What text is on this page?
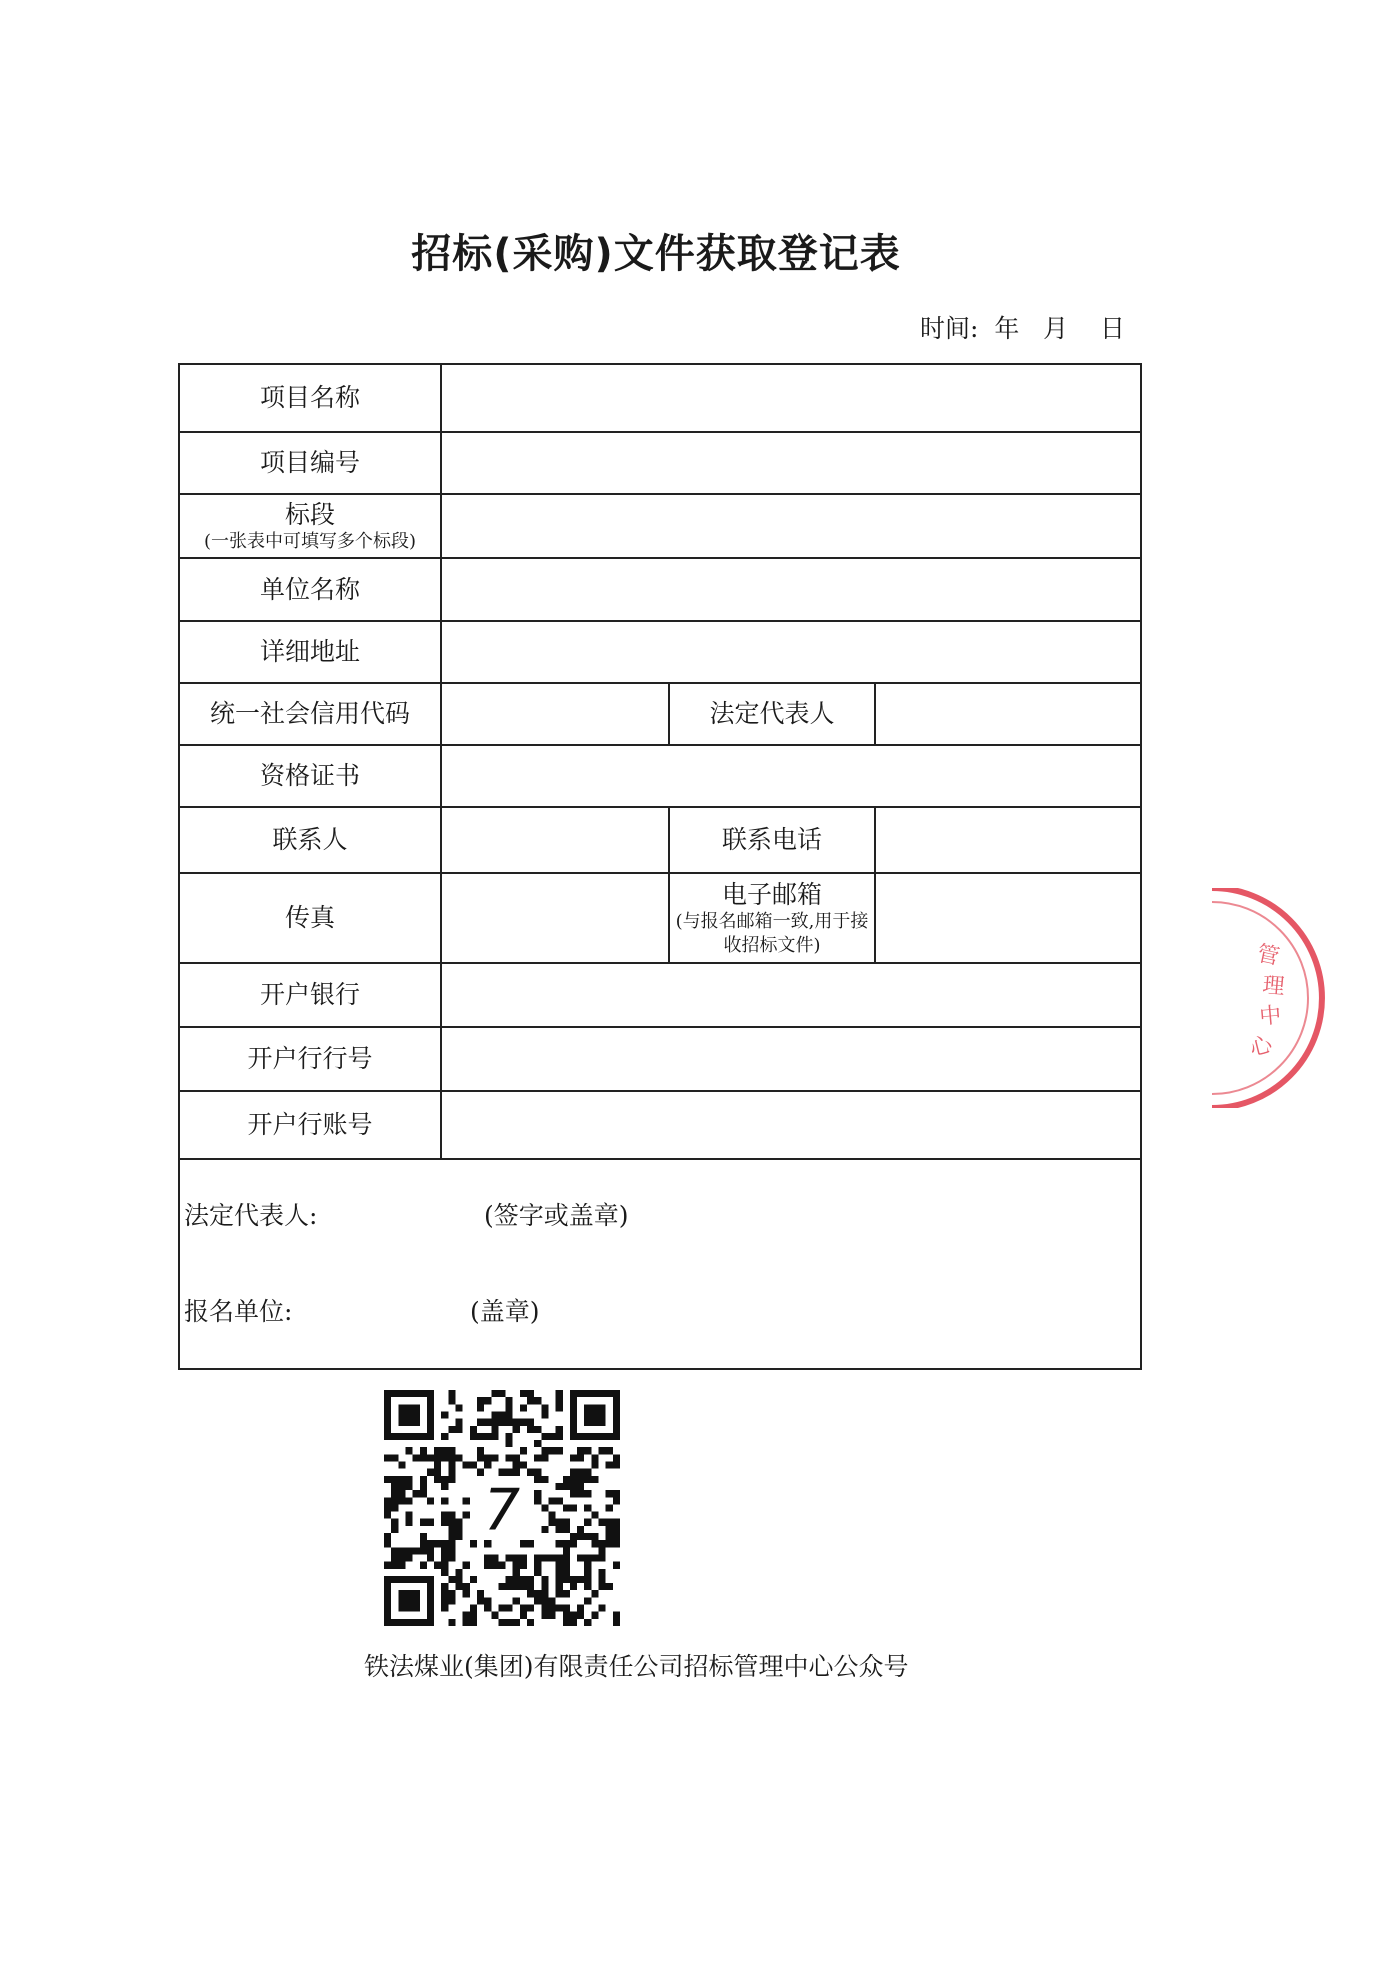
招标(采购)文件获取登记表
时间:  年   月    日
项目名称			
项目编号			
标段
(一张表中可填写多个标段)			

单位名称			
详细地址			
统一社会信用代码		法定代表人	
资格证书			
联系人		联系电话	
传真		电子邮箱
(与报名邮箱一致,用于接收招标文件)	

开户银行			
开户行行号			
开户行账号			

法定代表人: (签字或盖章)
报名单位: (盖章)			
7
铁法煤业(集团)有限责任公司招标管理中心公众号
管
理
中
心
